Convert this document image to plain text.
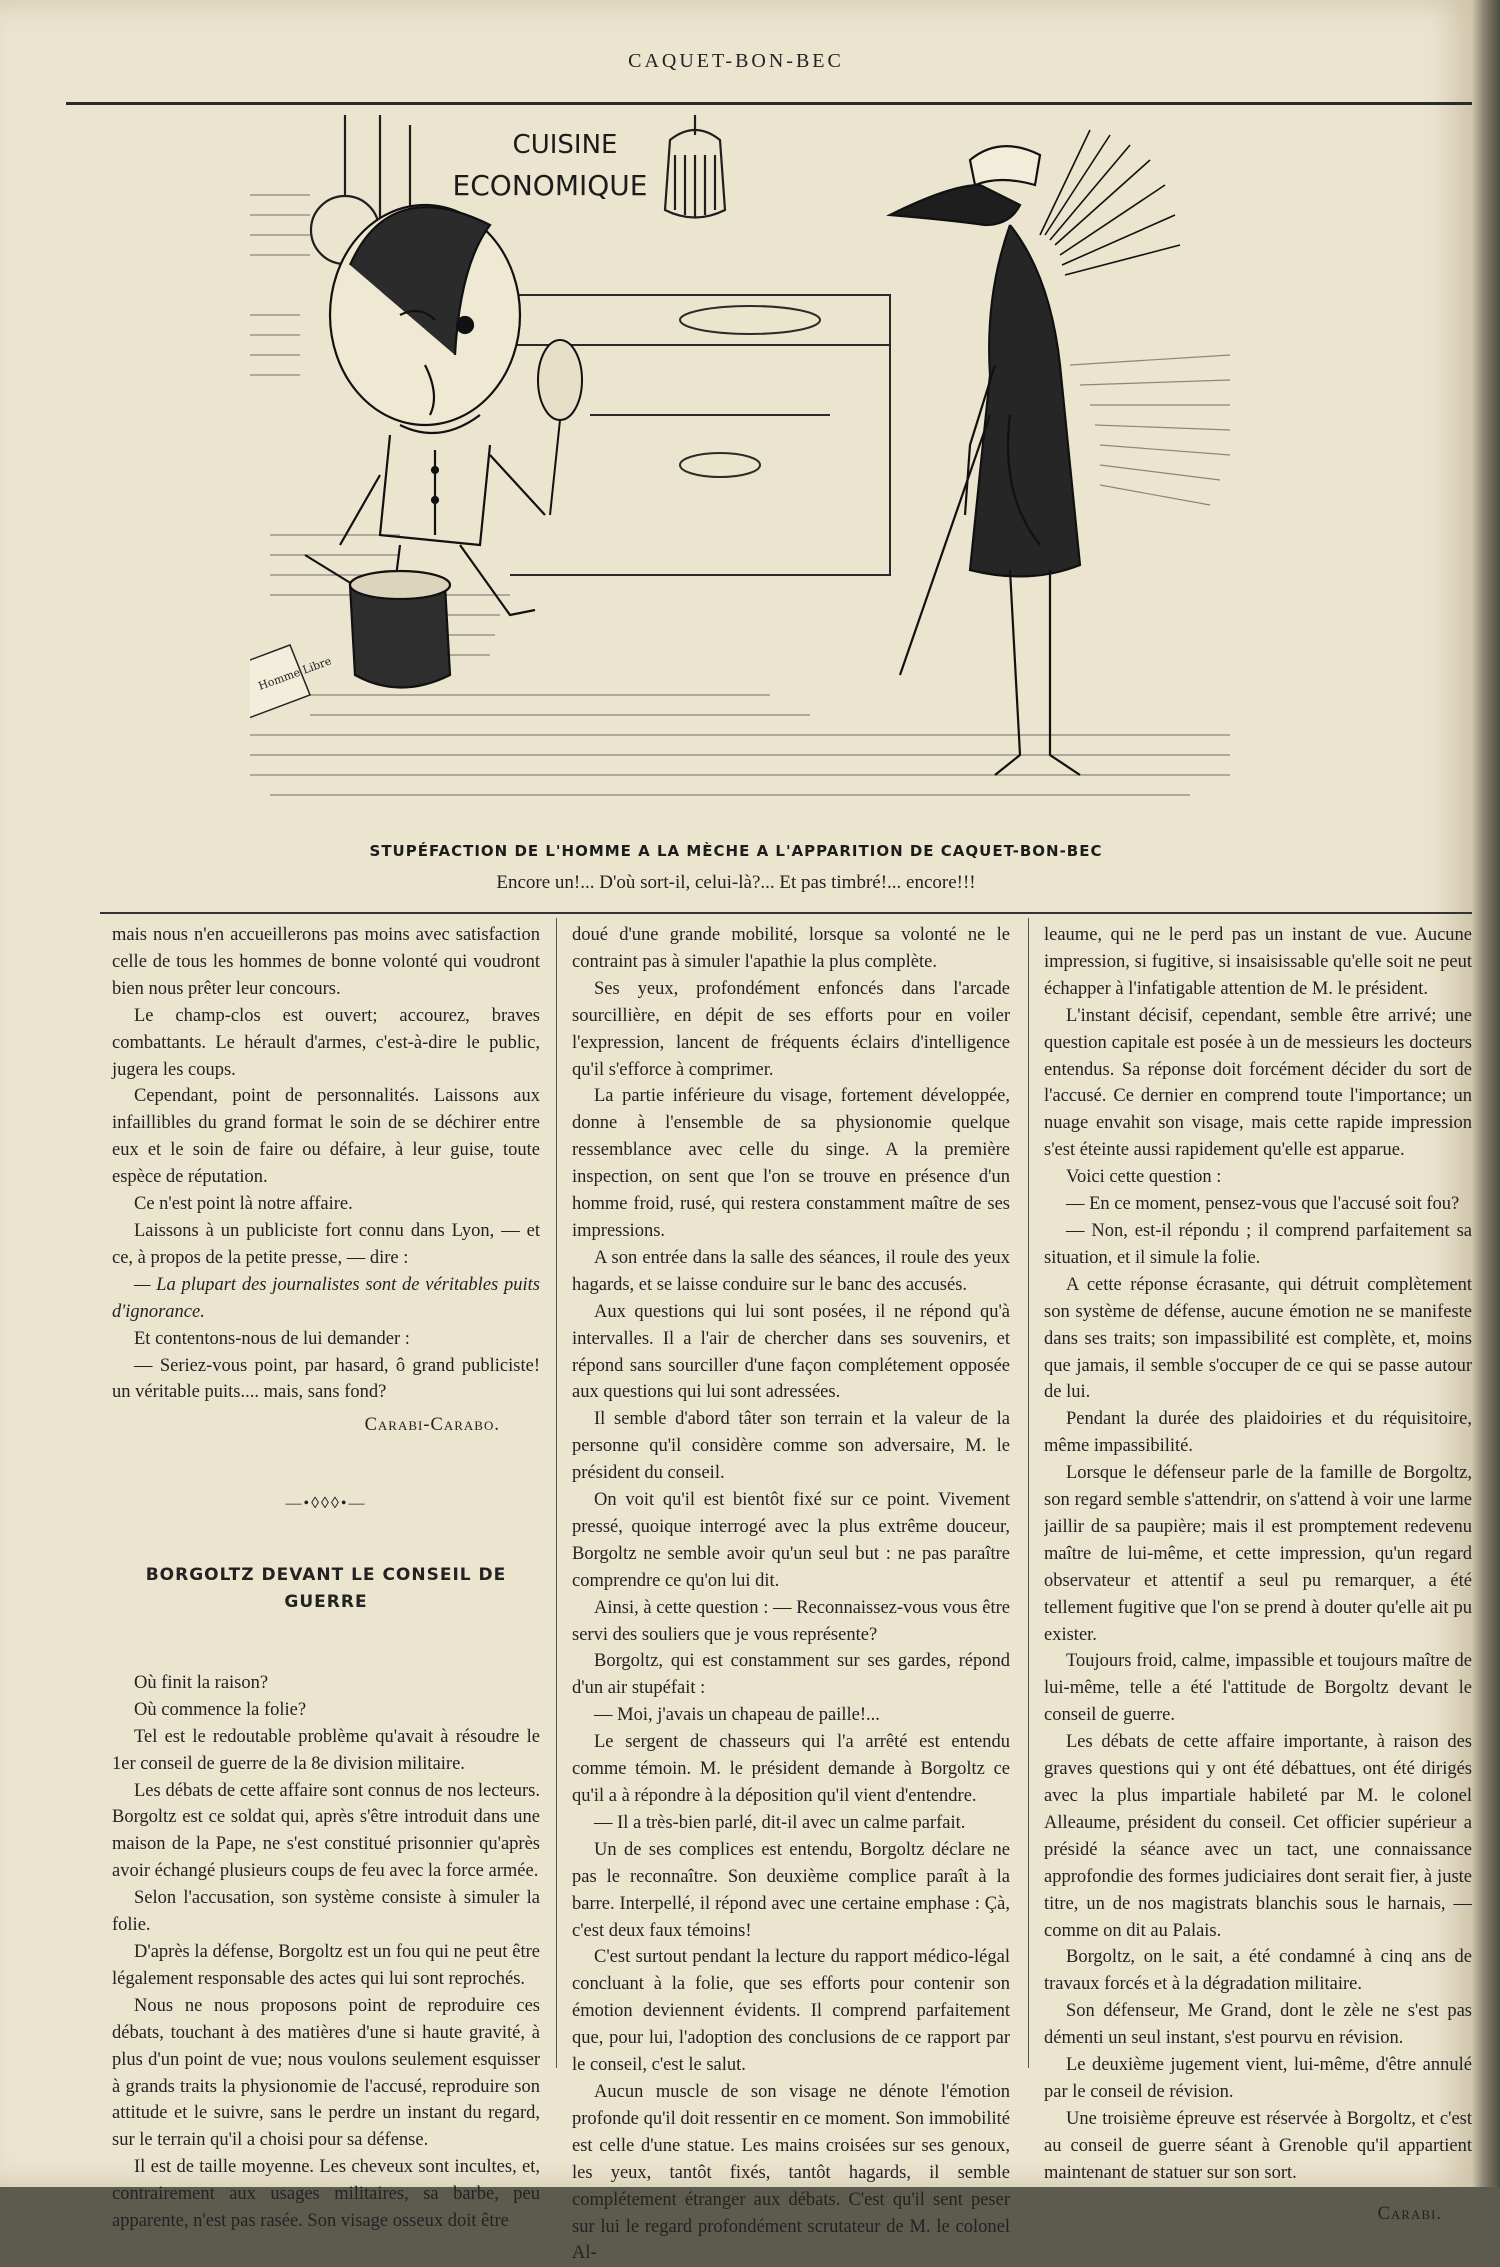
CAQUET-BON-BEC
CUISINE
ECONOMIQUE
Homme Libre
STUPÉFACTION DE L'HOMME A LA MÈCHE A L'APPARITION DE CAQUET-BON-BEC
Encore un!... D'où sort-il, celui-là?... Et pas timbré!... encore!!!

mais nous n'en accueillerons pas moins avec satisfaction celle de tous les hommes de bonne volonté qui voudront bien nous prêter leur concours.

Le champ-clos est ouvert; accourez, braves combattants. Le hérault d'armes, c'est-à-dire le public, jugera les coups.

Cependant, point de personnalités. Laissons aux infaillibles du grand format le soin de se déchirer entre eux et le soin de faire ou défaire, à leur guise, toute espèce de réputation.

Ce n'est point là notre affaire.

Laissons à un publiciste fort connu dans Lyon, — et ce, à propos de la petite presse, — dire :

— La plupart des journalistes sont de véritables puits d'ignorance.

Et contentons-nous de lui demander :

— Seriez-vous point, par hasard, ô grand publiciste! un véritable puits.... mais, sans fond?

Carabi-Carabo.
—•◊◊◊•—
BORGOLTZ DEVANT LE CONSEIL DE GUERRE

Où finit la raison?

Où commence la folie?

Tel est le redoutable problème qu'avait à résoudre le 1er conseil de guerre de la 8e division militaire.

Les débats de cette affaire sont connus de nos lecteurs. Borgoltz est ce soldat qui, après s'être introduit dans une maison de la Pape, ne s'est constitué prisonnier qu'après avoir échangé plusieurs coups de feu avec la force armée.

Selon l'accusation, son système consiste à simuler la folie.

D'après la défense, Borgoltz est un fou qui ne peut être légalement responsable des actes qui lui sont reprochés.

Nous ne nous proposons point de reproduire ces débats, touchant à des matières d'une si haute gravité, à plus d'un point de vue; nous voulons seulement esquisser à grands traits la physionomie de l'accusé, reproduire son attitude et le suivre, sans le perdre un instant du regard, sur le terrain qu'il a choisi pour sa défense.

Il est de taille moyenne. Les cheveux sont incultes, et, contrairement aux usages militaires, sa barbe, peu apparente, n'est pas rasée. Son visage osseux doit être

doué d'une grande mobilité, lorsque sa volonté ne le contraint pas à simuler l'apathie la plus complète.

Ses yeux, profondément enfoncés dans l'arcade sourcillière, en dépit de ses efforts pour en voiler l'expression, lancent de fréquents éclairs d'intelligence qu'il s'efforce à comprimer.

La partie inférieure du visage, fortement développée, donne à l'ensemble de sa physionomie quelque ressemblance avec celle du singe. A la première inspection, on sent que l'on se trouve en présence d'un homme froid, rusé, qui restera constamment maître de ses impressions.

A son entrée dans la salle des séances, il roule des yeux hagards, et se laisse conduire sur le banc des accusés.

Aux questions qui lui sont posées, il ne répond qu'à intervalles. Il a l'air de chercher dans ses souvenirs, et répond sans sourciller d'une façon complétement opposée aux questions qui lui sont adressées.

Il semble d'abord tâter son terrain et la valeur de la personne qu'il considère comme son adversaire, M. le président du conseil.

On voit qu'il est bientôt fixé sur ce point. Vivement pressé, quoique interrogé avec la plus extrême douceur, Borgoltz ne semble avoir qu'un seul but : ne pas paraître comprendre ce qu'on lui dit.

Ainsi, à cette question : — Reconnaissez-vous vous être servi des souliers que je vous représente?

Borgoltz, qui est constamment sur ses gardes, répond d'un air stupéfait :

— Moi, j'avais un chapeau de paille!...

Le sergent de chasseurs qui l'a arrêté est entendu comme témoin. M. le président demande à Borgoltz ce qu'il a à répondre à la déposition qu'il vient d'entendre.

— Il a très-bien parlé, dit-il avec un calme parfait.

Un de ses complices est entendu, Borgoltz déclare ne pas le reconnaître. Son deuxième complice paraît à la barre. Interpellé, il répond avec une certaine emphase : Çà, c'est deux faux témoins!

C'est surtout pendant la lecture du rapport médico-légal concluant à la folie, que ses efforts pour contenir son émotion deviennent évidents. Il comprend parfaitement que, pour lui, l'adoption des conclusions de ce rapport par le conseil, c'est le salut.

Aucun muscle de son visage ne dénote l'émotion profonde qu'il doit ressentir en ce moment. Son immobilité est celle d'une statue. Les mains croisées sur ses genoux, les yeux, tantôt fixés, tantôt hagards, il semble complétement étranger aux débats. C'est qu'il sent peser sur lui le regard profondément scrutateur de M. le colonel Al-

leaume, qui ne le perd pas un instant de vue. Aucune impression, si fugitive, si insaisissable qu'elle soit ne peut échapper à l'infatigable attention de M. le président.

L'instant décisif, cependant, semble être arrivé; une question capitale est posée à un de messieurs les docteurs entendus. Sa réponse doit forcément décider du sort de l'accusé. Ce dernier en comprend toute l'importance; un nuage envahit son visage, mais cette rapide impression s'est éteinte aussi rapidement qu'elle est apparue.

Voici cette question :

— En ce moment, pensez-vous que l'accusé soit fou?

— Non, est-il répondu ; il comprend parfaitement sa situation, et il simule la folie.

A cette réponse écrasante, qui détruit complètement son système de défense, aucune émotion ne se manifeste dans ses traits; son impassibilité est complète, et, moins que jamais, il semble s'occuper de ce qui se passe autour de lui.

Pendant la durée des plaidoiries et du réquisitoire, même impassibilité.

Lorsque le défenseur parle de la famille de Borgoltz, son regard semble s'attendrir, on s'attend à voir une larme jaillir de sa paupière; mais il est promptement redevenu maître de lui-même, et cette impression, qu'un regard observateur et attentif a seul pu remarquer, a été tellement fugitive que l'on se prend à douter qu'elle ait pu exister.

Toujours froid, calme, impassible et toujours maître de lui-même, telle a été l'attitude de Borgoltz devant le conseil de guerre.

Les débats de cette affaire importante, à raison des graves questions qui y ont été débattues, ont été dirigés avec la plus impartiale habileté par M. le colonel Alleaume, président du conseil. Cet officier supérieur a présidé la séance avec un tact, une connaissance approfondie des formes judiciaires dont serait fier, à juste titre, un de nos magistrats blanchis sous le harnais, — comme on dit au Palais.

Borgoltz, on le sait, a été condamné à cinq ans de travaux forcés et à la dégradation militaire.

Son défenseur, Me Grand, dont le zèle ne s'est pas démenti un seul instant, s'est pourvu en révision.

Le deuxième jugement vient, lui-même, d'être annulé par le conseil de révision.

Une troisième épreuve est réservée à Borgoltz, et c'est au conseil de guerre séant à Grenoble qu'il appartient maintenant de statuer sur son sort.

Carabi.
